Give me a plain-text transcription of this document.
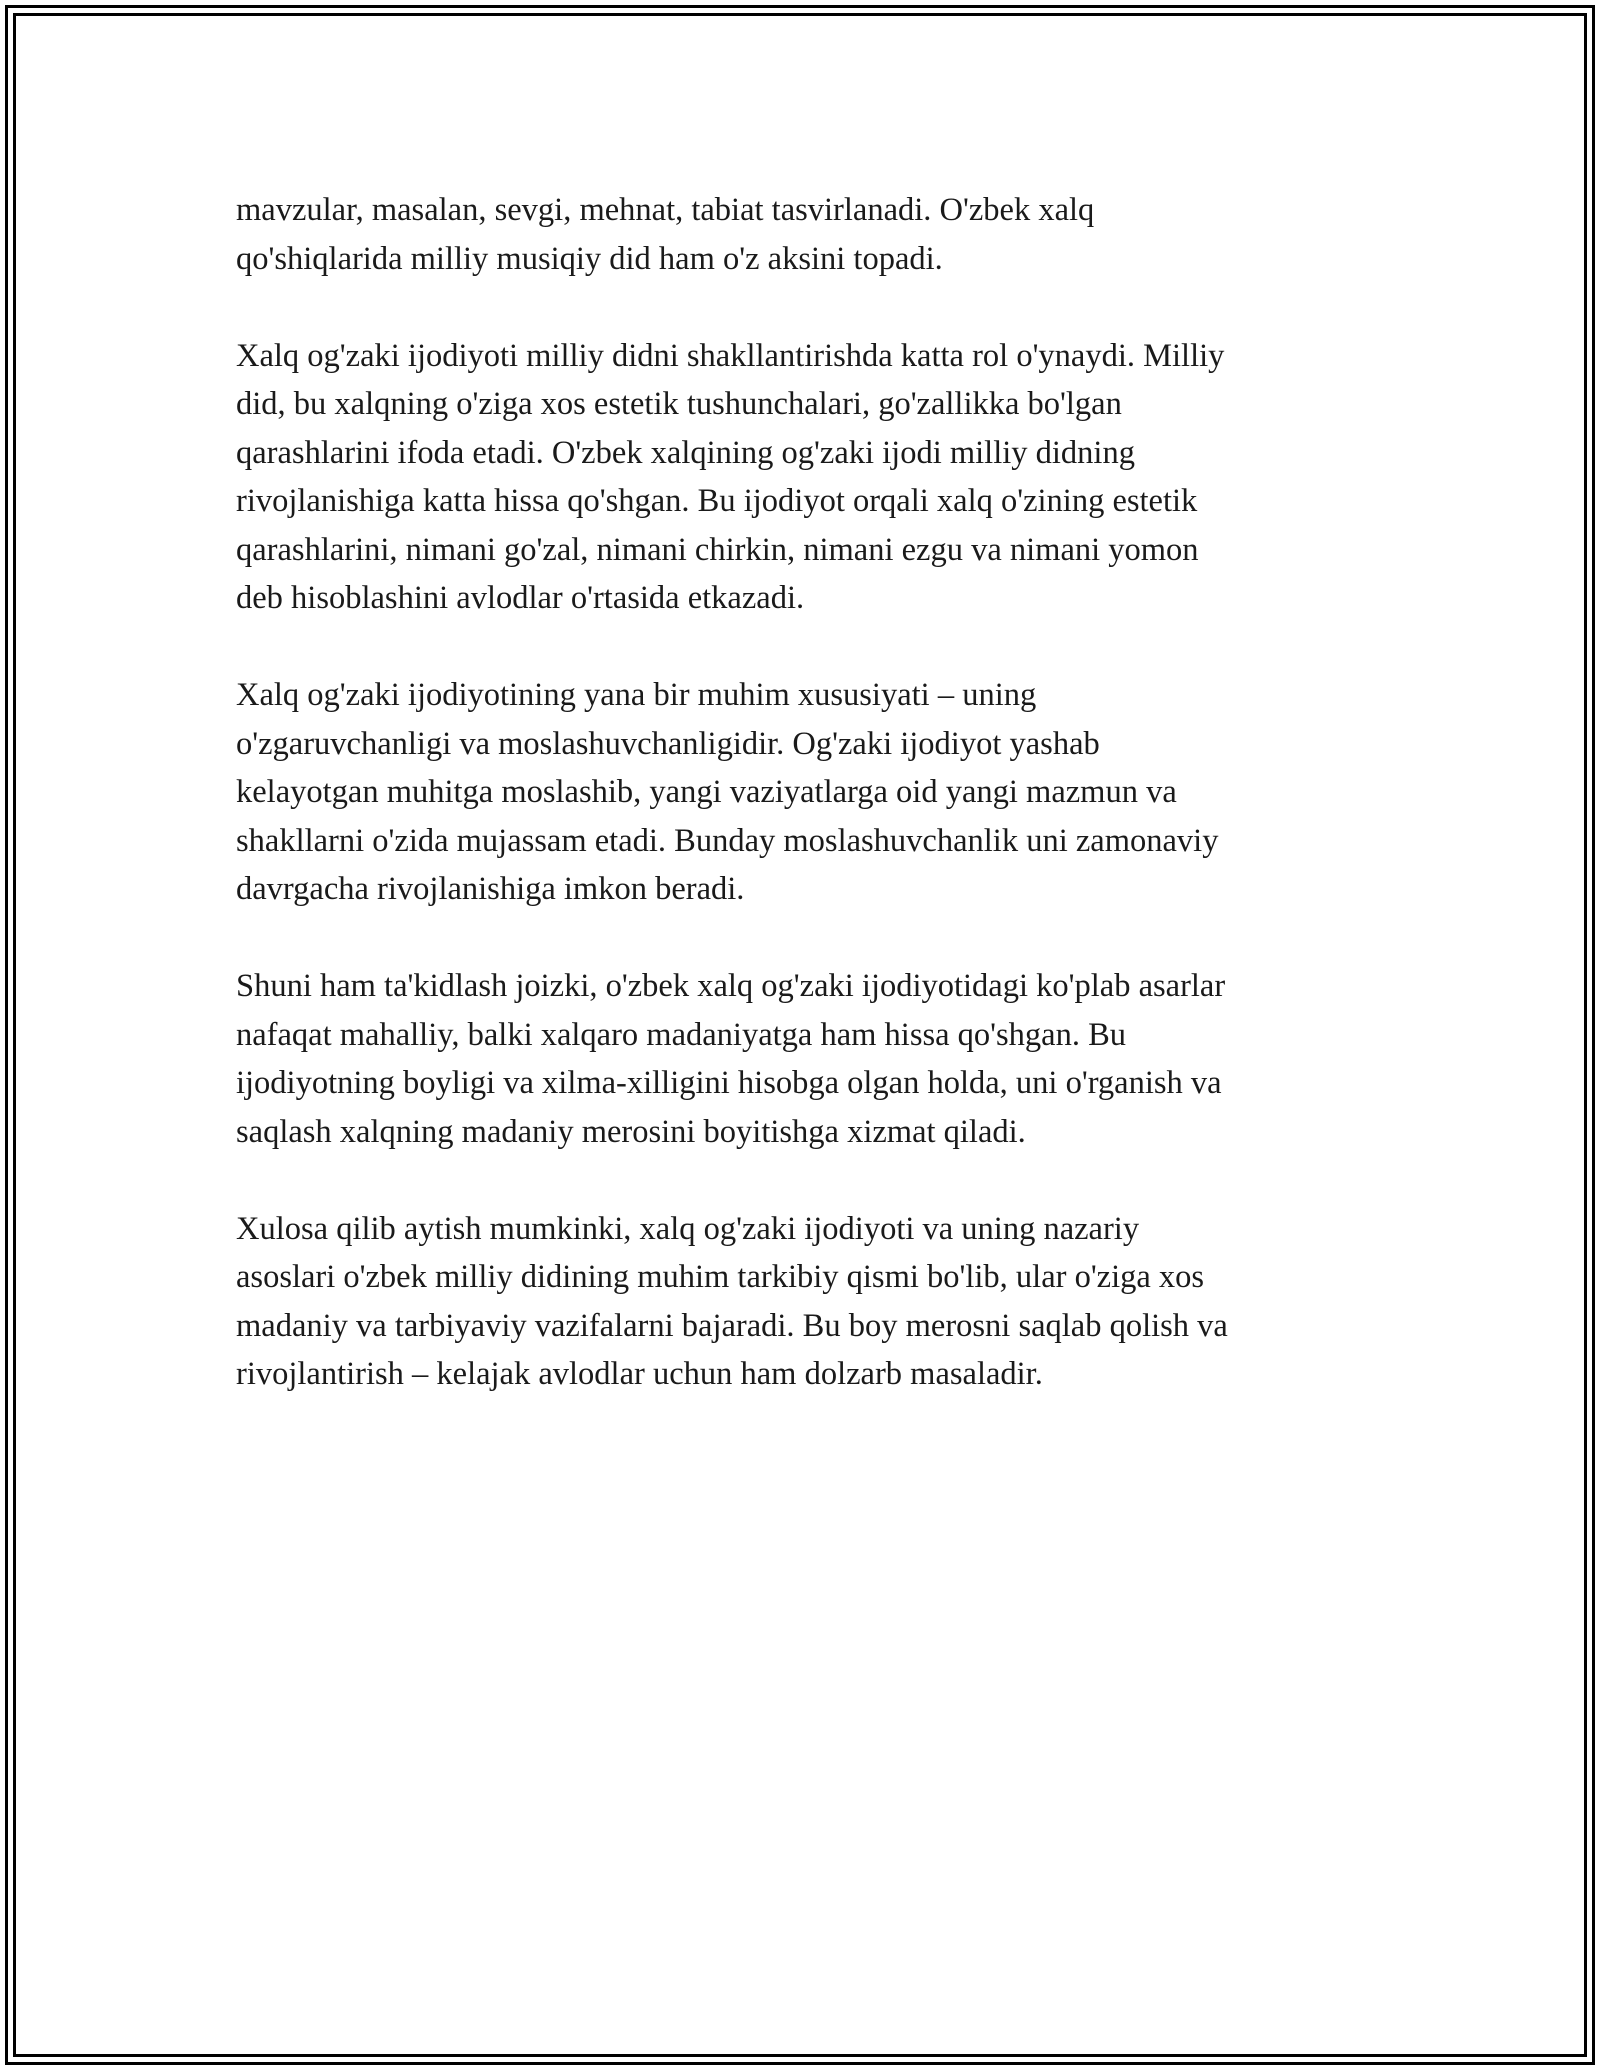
mavzular, masalan, sevgi, mehnat, tabiat tasvirlanadi. O'zbek xalq
qo'shiqlarida milliy musiqiy did ham o'z aksini topadi.

Xalq og'zaki ijodiyoti milliy didni shakllantirishda katta rol o'ynaydi. Milliy
did, bu xalqning o'ziga xos estetik tushunchalari, go'zallikka bo'lgan
qarashlarini ifoda etadi. O'zbek xalqining og'zaki ijodi milliy didning
rivojlanishiga katta hissa qo'shgan. Bu ijodiyot orqali xalq o'zining estetik
qarashlarini, nimani go'zal, nimani chirkin, nimani ezgu va nimani yomon
deb hisoblashini avlodlar o'rtasida etkazadi.

Xalq og'zaki ijodiyotining yana bir muhim xususiyati – uning
o'zgaruvchanligi va moslashuvchanligidir. Og'zaki ijodiyot yashab
kelayotgan muhitga moslashib, yangi vaziyatlarga oid yangi mazmun va
shakllarni o'zida mujassam etadi. Bunday moslashuvchanlik uni zamonaviy
davrgacha rivojlanishiga imkon beradi.

Shuni ham ta'kidlash joizki, o'zbek xalq og'zaki ijodiyotidagi ko'plab asarlar
nafaqat mahalliy, balki xalqaro madaniyatga ham hissa qo'shgan. Bu
ijodiyotning boyligi va xilma-xilligini hisobga olgan holda, uni o'rganish va
saqlash xalqning madaniy merosini boyitishga xizmat qiladi.

Xulosa qilib aytish mumkinki, xalq og'zaki ijodiyoti va uning nazariy
asoslari o'zbek milliy didining muhim tarkibiy qismi bo'lib, ular o'ziga xos
madaniy va tarbiyaviy vazifalarni bajaradi. Bu boy merosni saqlab qolish va
rivojlantirish – kelajak avlodlar uchun ham dolzarb masaladir.
